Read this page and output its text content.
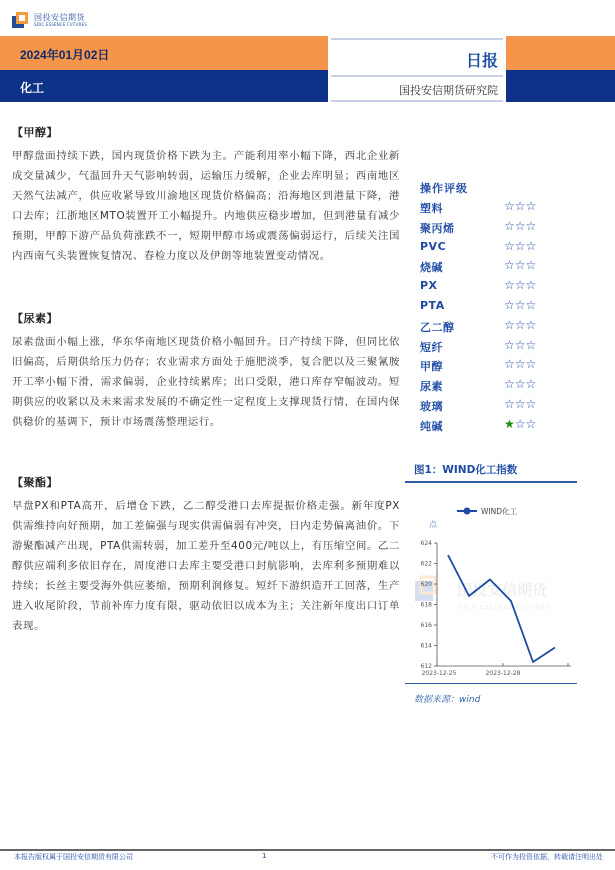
国投安信期货
SDIC ESSENCE FUTURES
2024年01月02日
化工
日报
国投安信期货研究院
【甲醇】

甲醇盘面持续下跌，国内现货价格下跌为主。产能利用率小幅下降，西北企业新成交量减少，气温回升天气影响转弱，运输压力缓解，企业去库明显；西南地区天然气法减产，供应收紧导致川渝地区现货价格偏高；沿海地区到港量下降，港口去库；江浙地区MTO装置开工小幅提升。内地供应稳步增加，但到港量有减少预期，甲醇下游产品负荷涨跌不一，短期甲醇市场或震荡偏弱运行，后续关注国内西南气头装置恢复情况、春检力度以及伊朗等地装置变动情况。

【尿素】

尿素盘面小幅上涨，华东华南地区现货价格小幅回升。日产持续下降，但同比依旧偏高，后期供给压力仍存；农业需求方面处于施肥淡季，复合肥以及三聚氰胺开工率小幅下滑，需求偏弱，企业持续累库；出口受限，港口库存窄幅波动。短期供应的收紧以及未来需求发展的不确定性一定程度上支撑现货行情，在国内保供稳价的基调下，预计市场震荡整理运行。

【聚酯】

早盘PX和PTA高开，后增仓下跌，乙二醇受港口去库提振价格走强。新年度PX供需维持向好预期，加工差偏强与现实供需偏弱有冲突，日内走势偏离油价。下游聚酯减产出现，PTA供需转弱，加工差升至400元/吨以上，有压缩空间。乙二醇供应端利多依旧存在，周度港口去库主要受港口封航影响，去库利多预期难以持续；长丝主要受海外供应萎缩，预期利润修复。短纤下游织造开工回落，生产进入收尾阶段，节前补库力度有限，驱动依旧以成本为主；关注新年度出口订单表现。

操作评级
塑料	☆☆☆
聚丙烯	☆☆☆
PVC	☆☆☆
烧碱	☆☆☆
PX	☆☆☆
PTA	☆☆☆
乙二醇	☆☆☆
短纤	☆☆☆
甲醇	☆☆☆
尿素	☆☆☆
玻璃	☆☆☆
纯碱	★☆☆
图1：WIND化工指数
国投安信期货
SDIC ESSENCE FUTURES
WIND化工
点
624
622
620
618
616
614
612
2023-12-25	2023-12-28
数据来源：wind
本报告版权属于国投安信期货有限公司	1	不可作为投资依据，转载请注明出处
